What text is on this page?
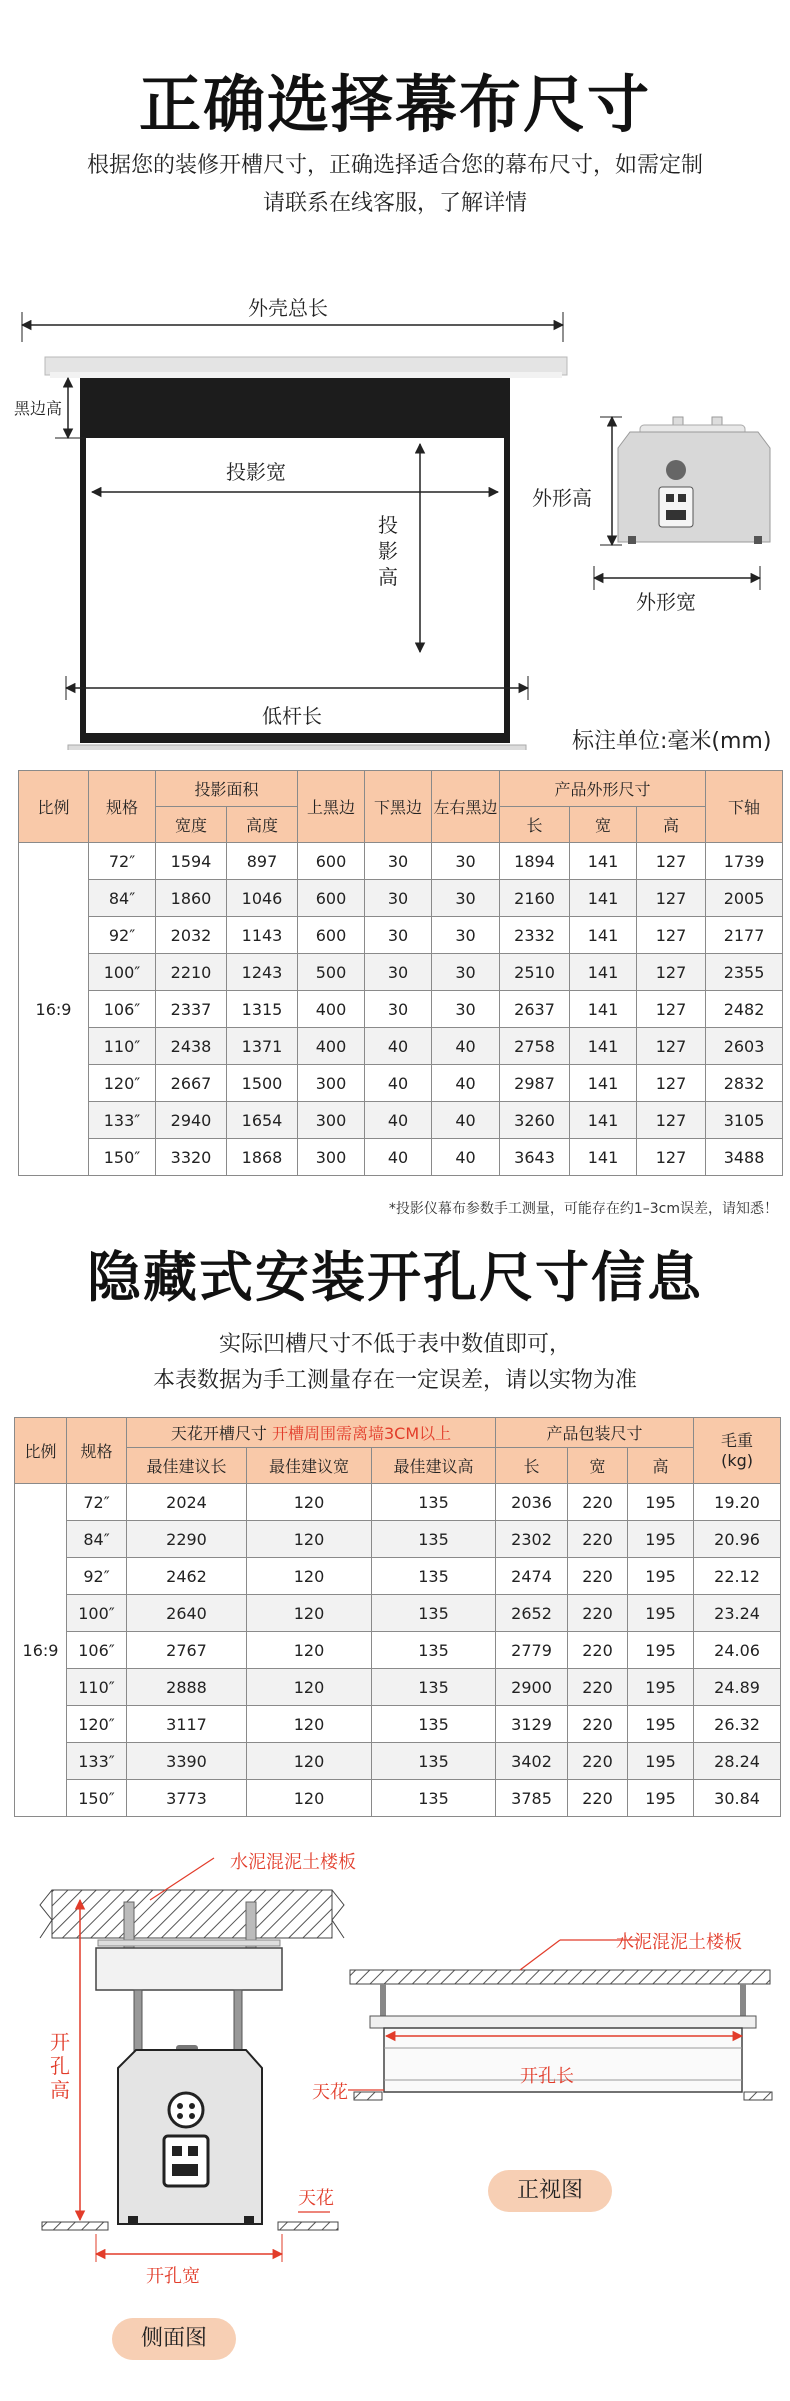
正确选择幕布尺寸
根据您的装修开槽尺寸，正确选择适合您的幕布尺寸，如需定制
请联系在线客服，了解详情
外壳总长
黑边高
投影宽
投
影
高
低杆长
外形高
外形宽
标注单位:毫米(mm)
比例	规格	投影面积		上黑边	下黑边	左右黑边	产品外形尺寸			下轴
		宽度	高度				长	宽	高	
16:9	72″	1594	897	600	30	30	1894	141	127	1739
	84″	1860	1046	600	30	30	2160	141	127	2005
	92″	2032	1143	600	30	30	2332	141	127	2177
	100″	2210	1243	500	30	30	2510	141	127	2355
	106″	2337	1315	400	30	30	2637	141	127	2482
	110″	2438	1371	400	40	40	2758	141	127	2603
	120″	2667	1500	300	40	40	2987	141	127	2832
	133″	2940	1654	300	40	40	3260	141	127	3105
	150″	3320	1868	300	40	40	3643	141	127	3488
*投影仪幕布参数手工测量，可能存在约1–3cm误差，请知悉！
隐藏式安装开孔尺寸信息
实际凹槽尺寸不低于表中数值即可，
本表数据为手工测量存在一定误差，请以实物为准
比例	规格	天花开槽尺寸 开槽周围需离墙3CM以上			产品包装尺寸			毛重
(kg)

		最佳建议长	最佳建议宽	最佳建议高	长	宽	高	
16:9	72″	2024	120	135	2036	220	195	19.20
	84″	2290	120	135	2302	220	195	20.96
	92″	2462	120	135	2474	220	195	22.12
	100″	2640	120	135	2652	220	195	23.24
	106″	2767	120	135	2779	220	195	24.06
	110″	2888	120	135	2900	220	195	24.89
	120″	3117	120	135	3129	220	195	26.32
	133″	3390	120	135	3402	220	195	28.24
	150″	3773	120	135	3785	220	195	30.84
水泥混泥土楼板
开
孔
高
天花
开孔宽
侧面图
水泥混泥土楼板
开孔长
天花
正视图
